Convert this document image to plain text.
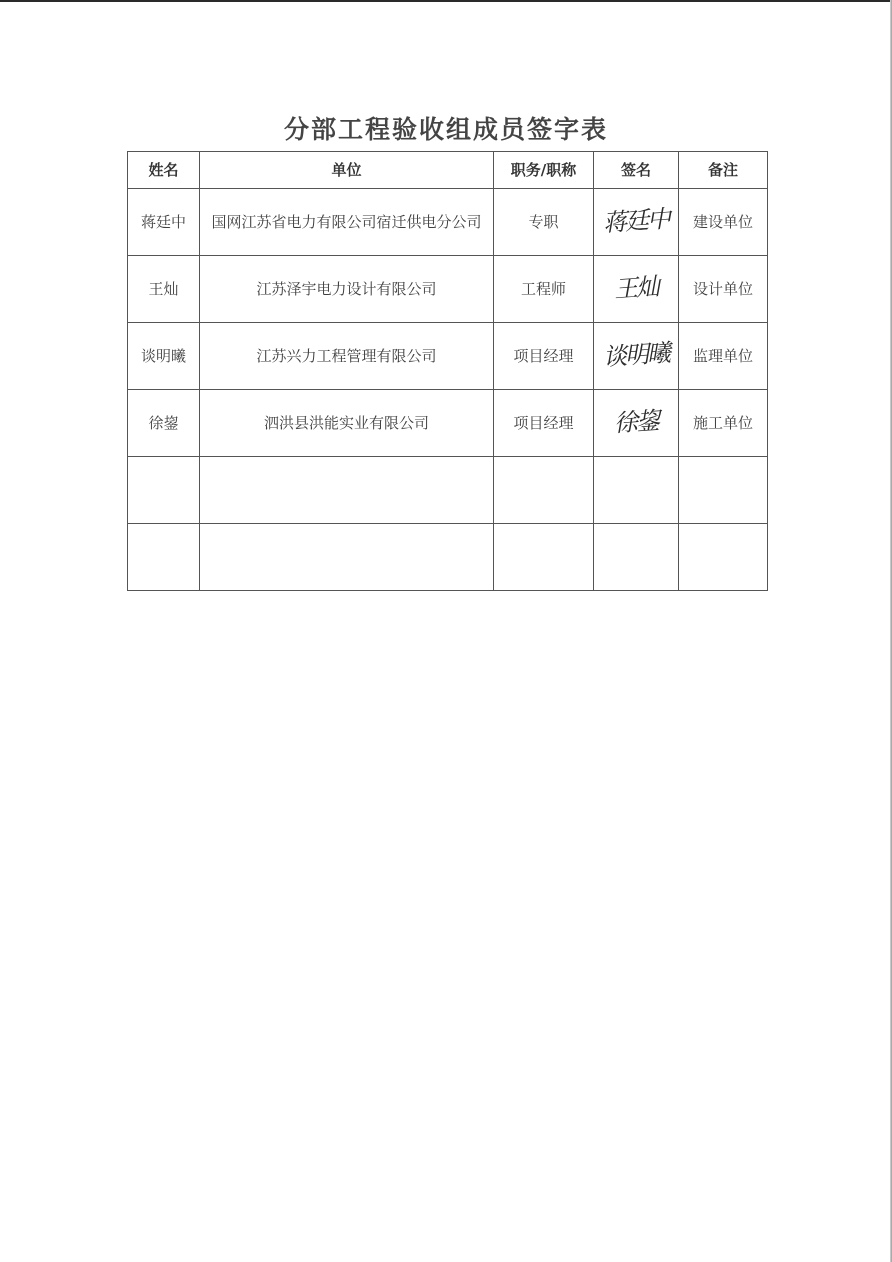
分部工程验收组成员签字表
姓名	单位	职务/职称	签名	备注
蒋廷中	国网江苏省电力有限公司宿迁供电分公司	专职	蒋廷中	建设单位
王灿	江苏泽宇电力设计有限公司	工程师	王灿	设计单位
谈明曦	江苏兴力工程管理有限公司	项目经理	谈明曦	监理单位
徐鋆	泗洪县洪能实业有限公司	项目经理	徐鋆	施工单位
